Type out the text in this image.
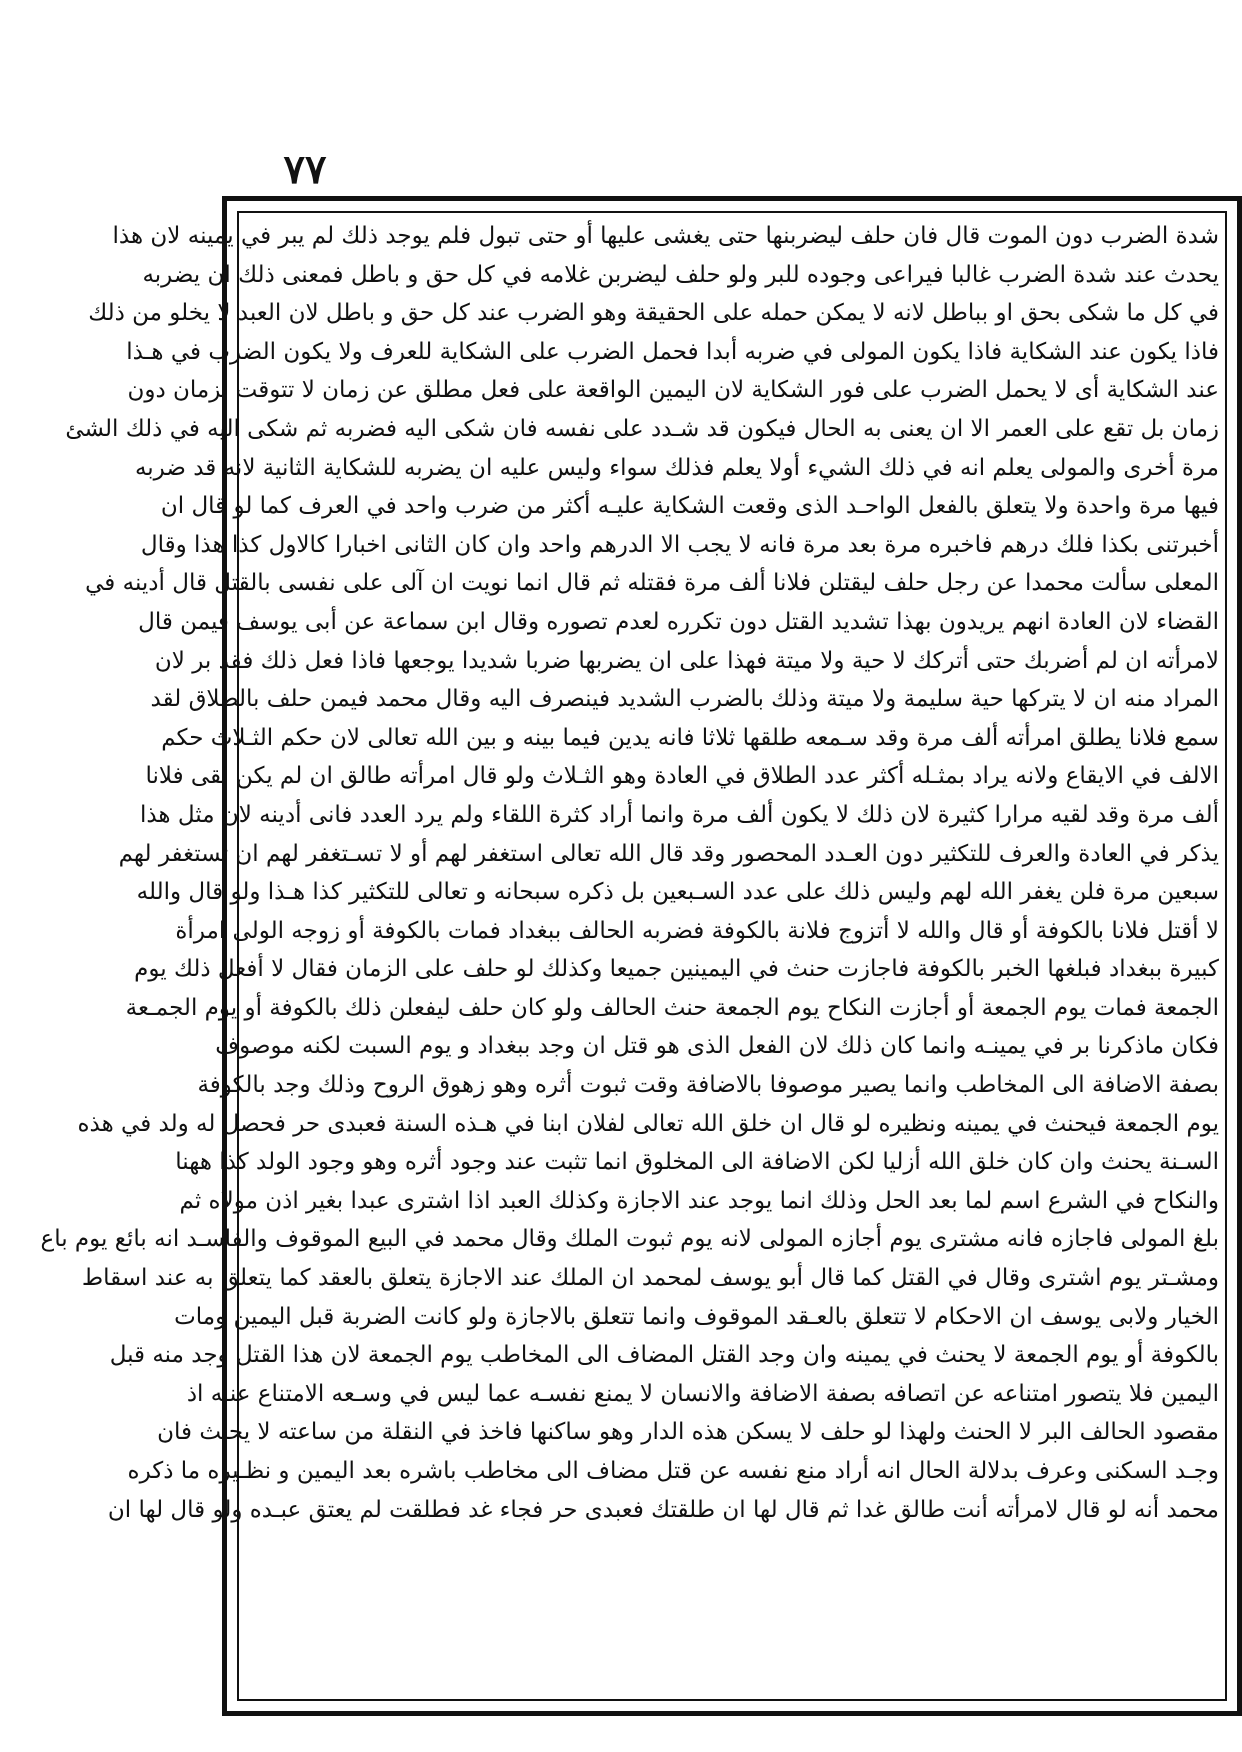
۷۷
شدة الضرب دون الموت قال فان حلف ليضربنها حتى يغشى عليها أو حتى تبول فلم يوجد ذلك لم يبر في يمينه لان هذا
يحدث عند شدة الضرب غالبا فيراعى وجوده للبر ولو حلف ليضربن غلامه في كل حق و باطل فمعنى ذلك ان يضربه
في كل ما شكى بحق او بباطل لانه لا يمكن حمله على الحقيقة وهو الضرب عند كل حق و باطل لان العبد لا يخلو من ذلك
فاذا يكون عند الشكاية فاذا يكون المولى في ضربه أبدا فحمل الضرب على الشكاية للعرف ولا يكون الضرب في هـذا
عند الشكاية أى لا يحمل الضرب على فور الشكاية لان اليمين الواقعة على فعل مطلق عن زمان لا تتوقت بزمان دون
زمان بل تقع على العمر الا ان يعنى به الحال فيكون قد شـدد على نفسه فان شكى اليه فضربه ثم شكى اليه في ذلك الشئ
مرة أخرى والمولى يعلم انه في ذلك الشيء أولا يعلم فذلك سواء وليس عليه ان يضربه للشكاية الثانية لانه قد ضربه
فيها مرة واحدة ولا يتعلق بالفعل الواحـد الذى وقعت الشكاية عليـه أكثر من ضرب واحد في العرف كما لو قال ان
أخبرتنى بكذا فلك درهم فاخبره مرة بعد مرة فانه لا يجب الا الدرهم واحد وان كان الثانى اخبارا كالاول كذا هذا وقال
المعلى سألت محمدا عن رجل حلف ليقتلن فلانا ألف مرة فقتله ثم قال انما نويت ان آلى على نفسى بالقتل قال أدينه في
القضاء لان العادة انهم يريدون بهذا تشديد القتل دون تكرره لعدم تصوره وقال ابن سماعة عن أبى يوسف فيمن قال
لامرأته ان لم أضربك حتى أتركك لا حية ولا ميتة فهذا على ان يضربها ضربا شديدا يوجعها فاذا فعل ذلك فقد بر لان
المراد منه ان لا يتركها حية سليمة ولا ميتة وذلك بالضرب الشديد فينصرف اليه وقال محمد فيمن حلف بالطلاق لقد
سمع فلانا يطلق امرأته ألف مرة وقد سـمعه طلقها ثلاثا فانه يدين فيما بينه و بين الله تعالى لان حكم الثـلاث حكم
الالف في الايقاع ولانه يراد بمثـله أكثر عدد الطلاق في العادة وهو الثـلاث ولو قال امرأته طالق ان لم يكن لقى فلانا
ألف مرة وقد لقيه مرارا كثيرة لان ذلك لا يكون ألف مرة وانما أراد كثرة اللقاء ولم يرد العدد فانى أدينه لان مثل هذا
يذكر في العادة والعرف للتكثير دون العـدد المحصور وقد قال الله تعالى استغفر لهم أو لا تسـتغفر لهم ان تستغفر لهم
سبعين مرة فلن يغفر الله لهم وليس ذلك على عدد السـبعين بل ذكره سبحانه و تعالى للتكثير كذا هـذا ولو قال والله
لا أقتل فلانا بالكوفة أو قال والله لا أتزوج فلانة بالكوفة فضربه الحالف ببغداد فمات بالكوفة أو زوجه الولى امرأة
كبيرة ببغداد فبلغها الخبر بالكوفة فاجازت حنث في اليمينين جميعا وكذلك لو حلف على الزمان فقال لا أفعل ذلك يوم
الجمعة فمات يوم الجمعة أو أجازت النكاح يوم الجمعة حنث الحالف ولو كان حلف ليفعلن ذلك بالكوفة أو يوم الجمـعة
فكان ماذكرنا بر في يمينـه وانما كان ذلك لان الفعل الذى هو قتل ان وجد ببغداد و يوم السبت لكنه موصوف
بصفة الاضافة الى المخاطب وانما يصير موصوفا بالاضافة وقت ثبوت أثره وهو زهوق الروح وذلك وجد بالكوفة
يوم الجمعة فيحنث في يمينه ونظيره لو قال ان خلق الله تعالى لفلان ابنا في هـذه السنة فعبدى حر فحصل له ولد في هذه
السـنة يحنث وان كان خلق الله أزليا لكن الاضافة الى المخلوق انما تثبت عند وجود أثره وهو وجود الولد كذا ههنا
والنكاح في الشرع اسم لما بعد الحل وذلك انما يوجد عند الاجازة وكذلك العبد اذا اشترى عبدا بغير اذن مولاه ثم
بلغ المولى فاجازه فانه مشترى يوم أجازه المولى لانه يوم ثبوت الملك وقال محمد في البيع الموقوف والفاسـد انه بائع يوم باع
ومشـتر يوم اشترى وقال في القتل كما قال أبو يوسف لمحمد ان الملك عند الاجازة يتعلق بالعقد كما يتعلق به عند اسقاط
الخيار ولابى يوسف ان الاحكام لا تتعلق بالعـقد الموقوف وانما تتعلق بالاجازة ولو كانت الضربة قبل اليمين ومات
بالكوفة أو يوم الجمعة لا يحنث في يمينه وان وجد القتل المضاف الى المخاطب يوم الجمعة لان هذا القتل وجد منه قبل
اليمين فلا يتصور امتناعه عن اتصافه بصفة الاضافة والانسان لا يمنع نفسـه عما ليس في وسـعه الامتناع عنـه اذ
مقصود الحالف البر لا الحنث ولهذا لو حلف لا يسكن هذه الدار وهو ساكنها فاخذ في النقلة من ساعته لا يحنث فان
وجـد السكنى وعرف بدلالة الحال انه أراد منع نفسه عن قتل مضاف الى مخاطب باشره بعد اليمين و نظـيره ما ذكره
محمد أنه لو قال لامرأته أنت طالق غدا ثم قال لها ان طلقتك فعبدى حر فجاء غد فطلقت لم يعتق عبـده ولو قال لها ان
